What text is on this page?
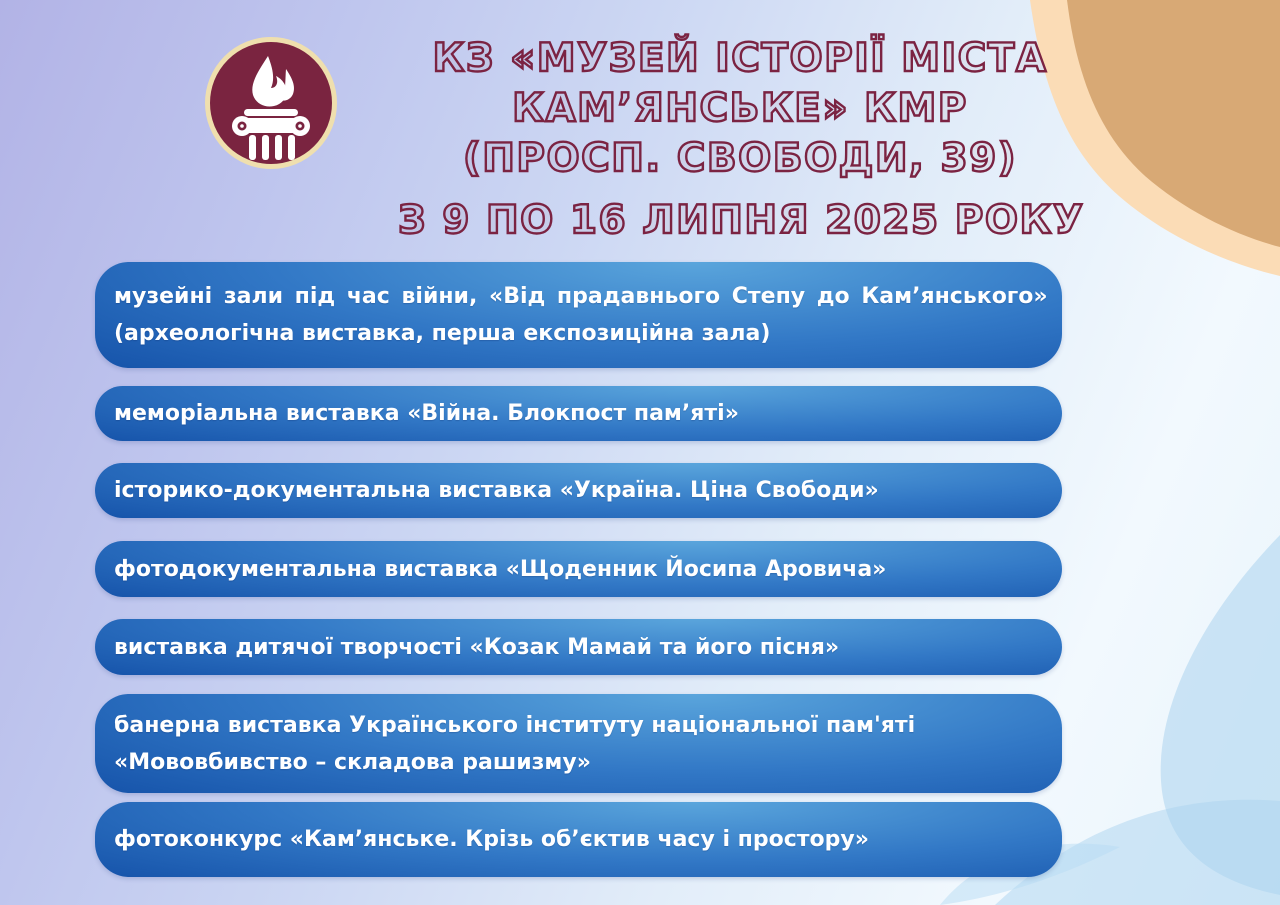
КЗ «МУЗЕЙ ІСТОРІЇ МІСТА
КАМ’ЯНСЬКЕ» КМР
(ПРОСП. СВОБОДИ, 39)
З 9 ПО 16 ЛИПНЯ 2025 РОКУ
музейні зали під час війни, «Від прадавнього Степу до Кам’янського»
(археологічна виставка, перша експозиційна зала)
меморіальна виставка «Війна. Блокпост пам’яті»
історико-документальна виставка «Україна. Ціна Свободи»
фотодокументальна виставка «Щоденник Йосипа Аровича»
виставка дитячої творчості «Козак Мамай та його пісня»
банерна виставка Українського інституту національної пам'яті
«Мововбивство – складова рашизму»
фотоконкурс «Кам’янське. Крізь об’єктив часу і простору»
